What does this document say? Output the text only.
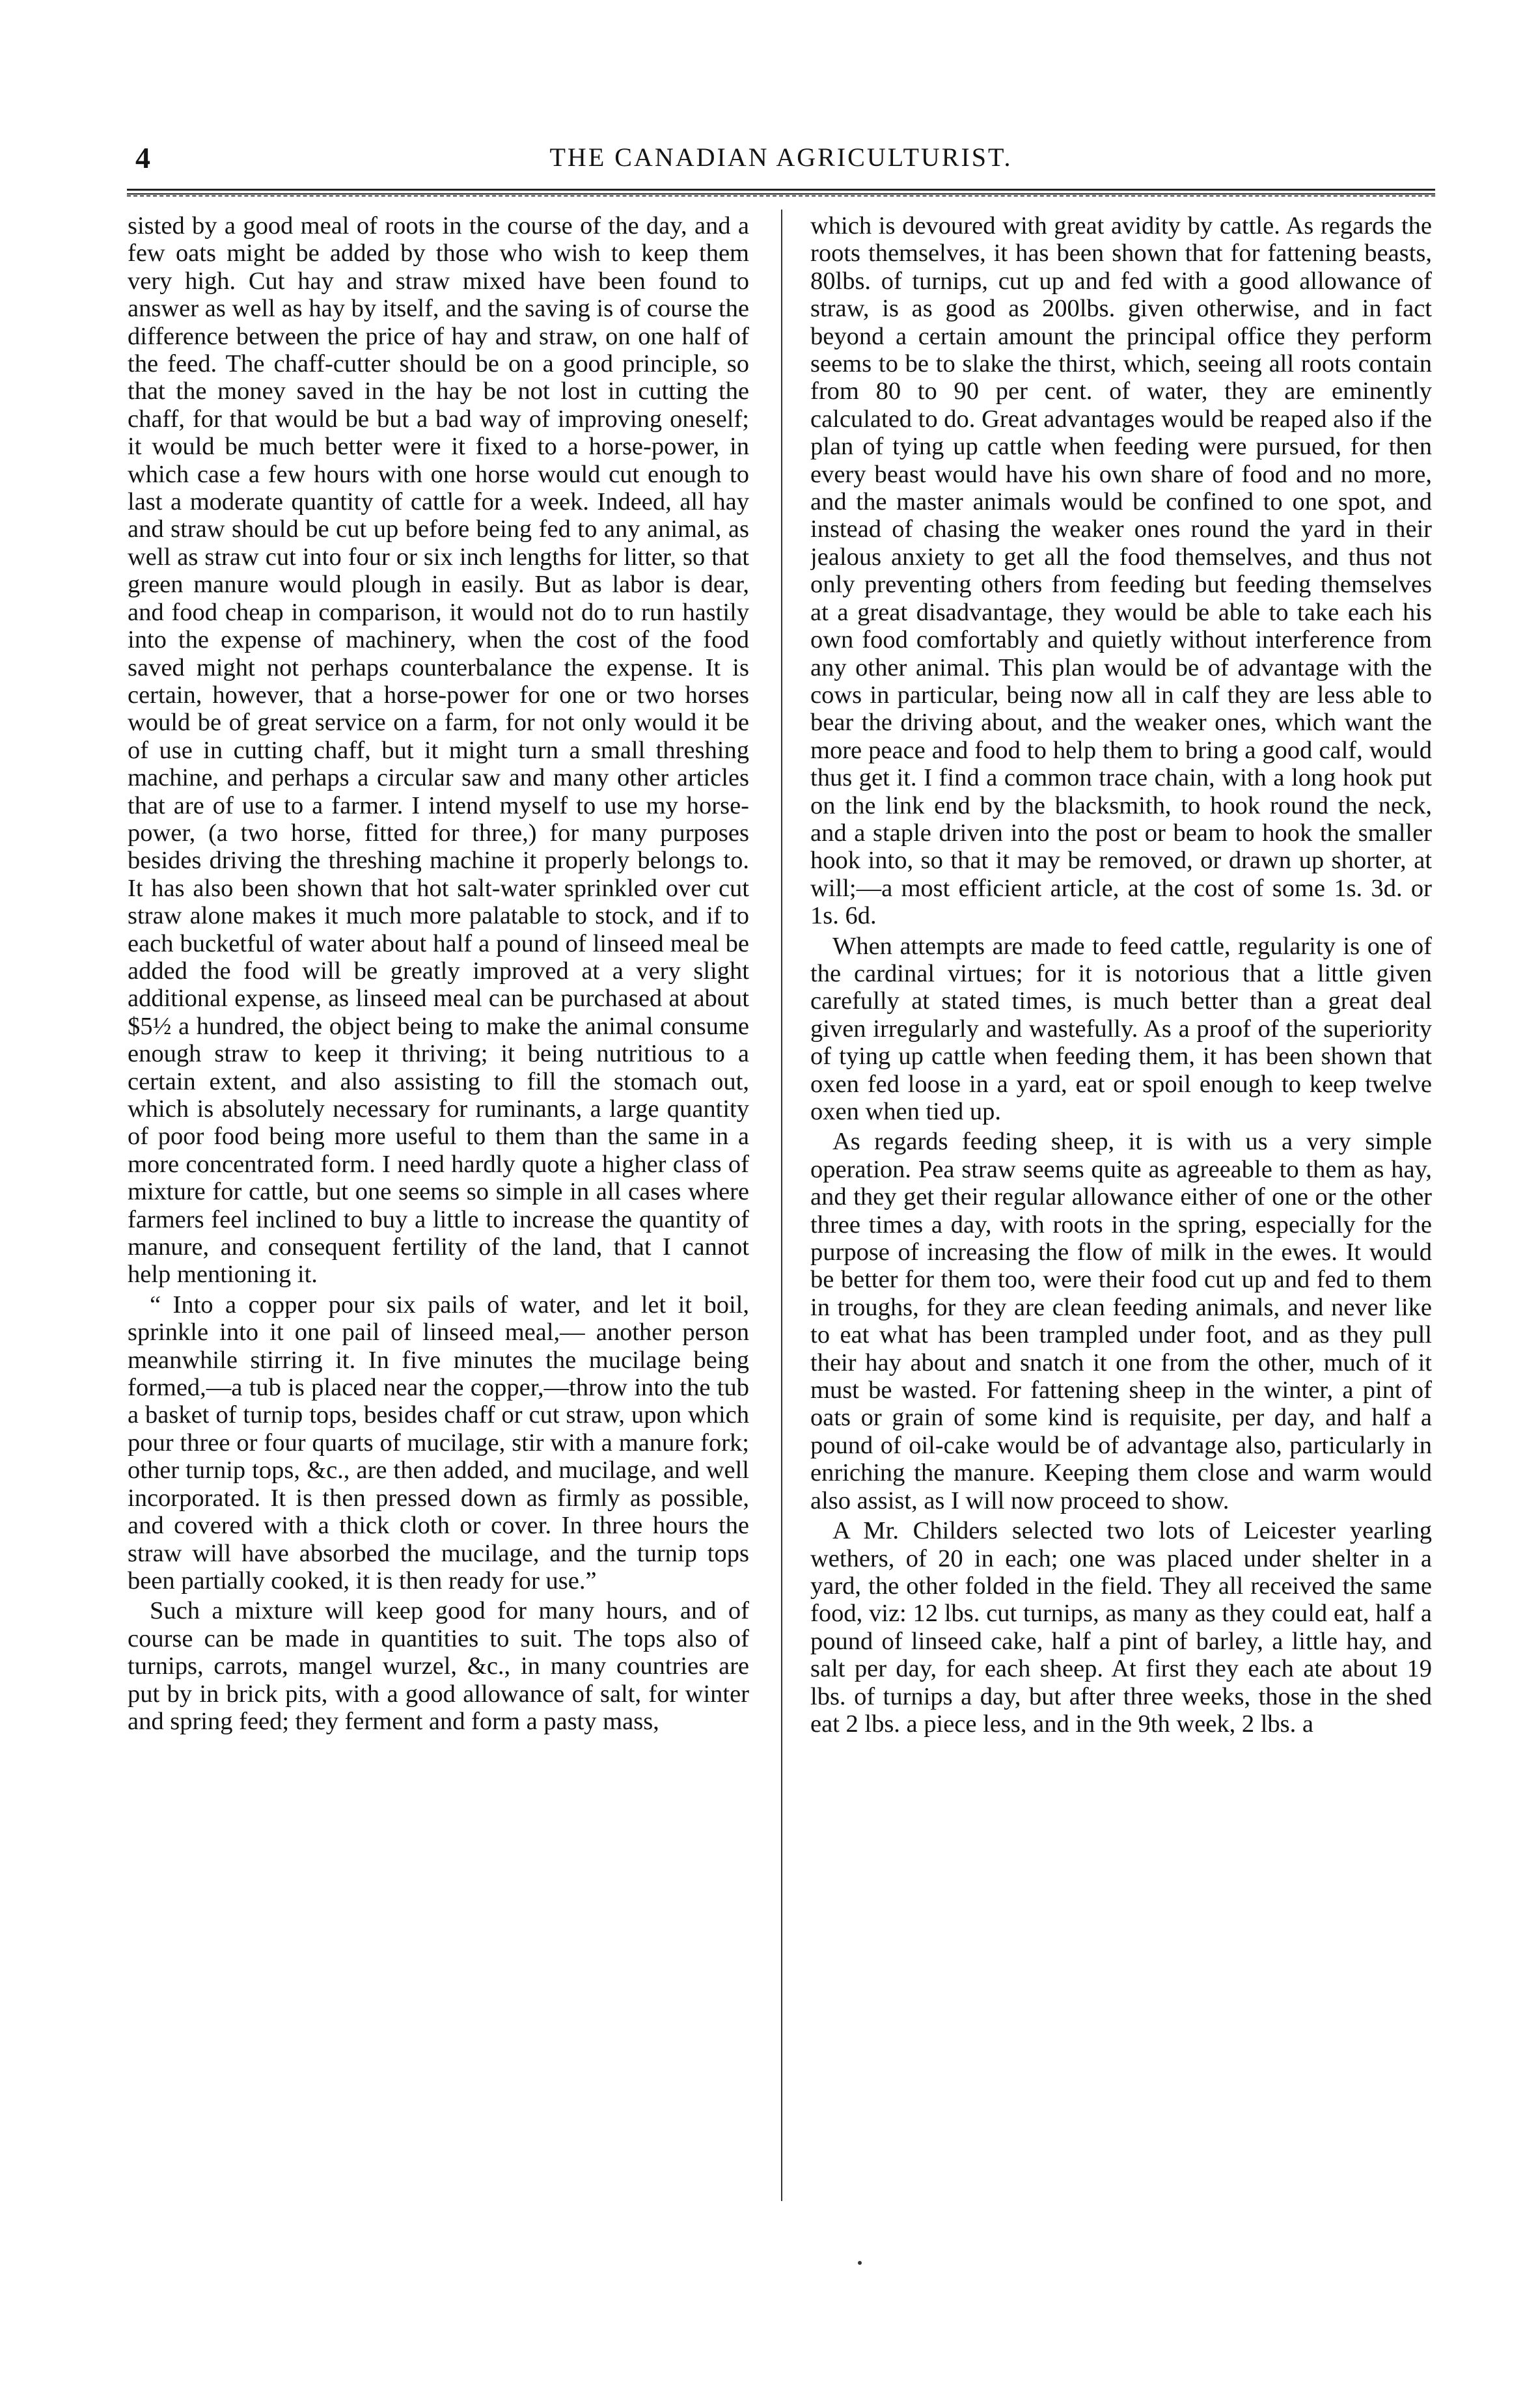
4	THE CANADIAN AGRICULTURIST.

sisted by a good meal of roots in the course of the day, and a few oats might be added by those who wish to keep them very high. Cut hay and straw mixed have been found to answer as well as hay by itself, and the saving is of course the difference between the price of hay and straw, on one half of the feed. The chaff-cutter should be on a good principle, so that the money saved in the hay be not lost in cutting the chaff, for that would be but a bad way of improving oneself; it would be much better were it fixed to a horse-power, in which case a few hours with one horse would cut enough to last a moderate quantity of cattle for a week. Indeed, all hay and straw should be cut up before being fed to any animal, as well as straw cut into four or six inch lengths for litter, so that green manure would plough in easily. But as labor is dear, and food cheap in comparison, it would not do to run hastily into the expense of machinery, when the cost of the food saved might not perhaps counterbalance the expense. It is certain, however, that a horse-power for one or two horses would be of great service on a farm, for not only would it be of use in cutting chaff, but it might turn a small threshing machine, and perhaps a circular saw and many other articles that are of use to a farmer. I intend myself to use my horse-power, (a two horse, fitted for three,) for many purposes besides driving the threshing machine it properly belongs to. It has also been shown that hot salt-water sprinkled over cut straw alone makes it much more palatable to stock, and if to each bucketful of water about half a pound of linseed meal be added the food will be greatly improved at a very slight additional expense, as linseed meal can be purchased at about $5½ a hundred, the object being to make the animal consume enough straw to keep it thriving; it being nutritious to a certain extent, and also assisting to fill the stomach out, which is absolutely necessary for ruminants, a large quantity of poor food being more useful to them than the same in a more concentrated form. I need hardly quote a higher class of mixture for cattle, but one seems so simple in all cases where farmers feel inclined to buy a little to increase the quantity of manure, and consequent fertility of the land, that I cannot help mentioning it.

“ Into a copper pour six pails of water, and let it boil, sprinkle into it one pail of linseed meal,— another person meanwhile stirring it. In five minutes the mucilage being formed,—a tub is placed near the copper,—throw into the tub a basket of turnip tops, besides chaff or cut straw, upon which pour three or four quarts of mucilage, stir with a manure fork; other turnip tops, &c., are then added, and mucilage, and well incorporated. It is then pressed down as firmly as possible, and covered with a thick cloth or cover. In three hours the straw will have absorbed the mucilage, and the turnip tops been partially cooked, it is then ready for use.”

Such a mixture will keep good for many hours, and of course can be made in quantities to suit. The tops also of turnips, carrots, mangel wurzel, &c., in many countries are put by in brick pits, with a good allowance of salt, for winter and spring feed; they ferment and form a pasty mass,

which is devoured with great avidity by cattle. As regards the roots themselves, it has been shown that for fattening beasts, 80lbs. of turnips, cut up and fed with a good allowance of straw, is as good as 200lbs. given otherwise, and in fact beyond a certain amount the principal office they perform seems to be to slake the thirst, which, seeing all roots contain from 80 to 90 per cent. of water, they are eminently calculated to do. Great advantages would be reaped also if the plan of tying up cattle when feeding were pursued, for then every beast would have his own share of food and no more, and the master animals would be confined to one spot, and instead of chasing the weaker ones round the yard in their jealous anxiety to get all the food themselves, and thus not only preventing others from feeding but feeding themselves at a great disadvantage, they would be able to take each his own food comfortably and quietly without interference from any other animal. This plan would be of advantage with the cows in particular, being now all in calf they are less able to bear the driving about, and the weaker ones, which want the more peace and food to help them to bring a good calf, would thus get it. I find a common trace chain, with a long hook put on the link end by the blacksmith, to hook round the neck, and a staple driven into the post or beam to hook the smaller hook into, so that it may be removed, or drawn up shorter, at will;—a most efficient article, at the cost of some 1s. 3d. or 1s. 6d.

When attempts are made to feed cattle, regularity is one of the cardinal virtues; for it is notorious that a little given carefully at stated times, is much better than a great deal given irregularly and wastefully. As a proof of the superiority of tying up cattle when feeding them, it has been shown that oxen fed loose in a yard, eat or spoil enough to keep twelve oxen when tied up.

As regards feeding sheep, it is with us a very simple operation. Pea straw seems quite as agreeable to them as hay, and they get their regular allowance either of one or the other three times a day, with roots in the spring, especially for the purpose of increasing the flow of milk in the ewes. It would be better for them too, were their food cut up and fed to them in troughs, for they are clean feeding animals, and never like to eat what has been trampled under foot, and as they pull their hay about and snatch it one from the other, much of it must be wasted. For fattening sheep in the winter, a pint of oats or grain of some kind is requisite, per day, and half a pound of oil-cake would be of advantage also, particularly in enriching the manure. Keeping them close and warm would also assist, as I will now proceed to show.

A Mr. Childers selected two lots of Leicester yearling wethers, of 20 in each; one was placed under shelter in a yard, the other folded in the field. They all received the same food, viz: 12 lbs. cut turnips, as many as they could eat, half a pound of linseed cake, half a pint of barley, a little hay, and salt per day, for each sheep. At first they each ate about 19 lbs. of turnips a day, but after three weeks, those in the shed eat 2 lbs. a piece less, and in the 9th week, 2 lbs. a
